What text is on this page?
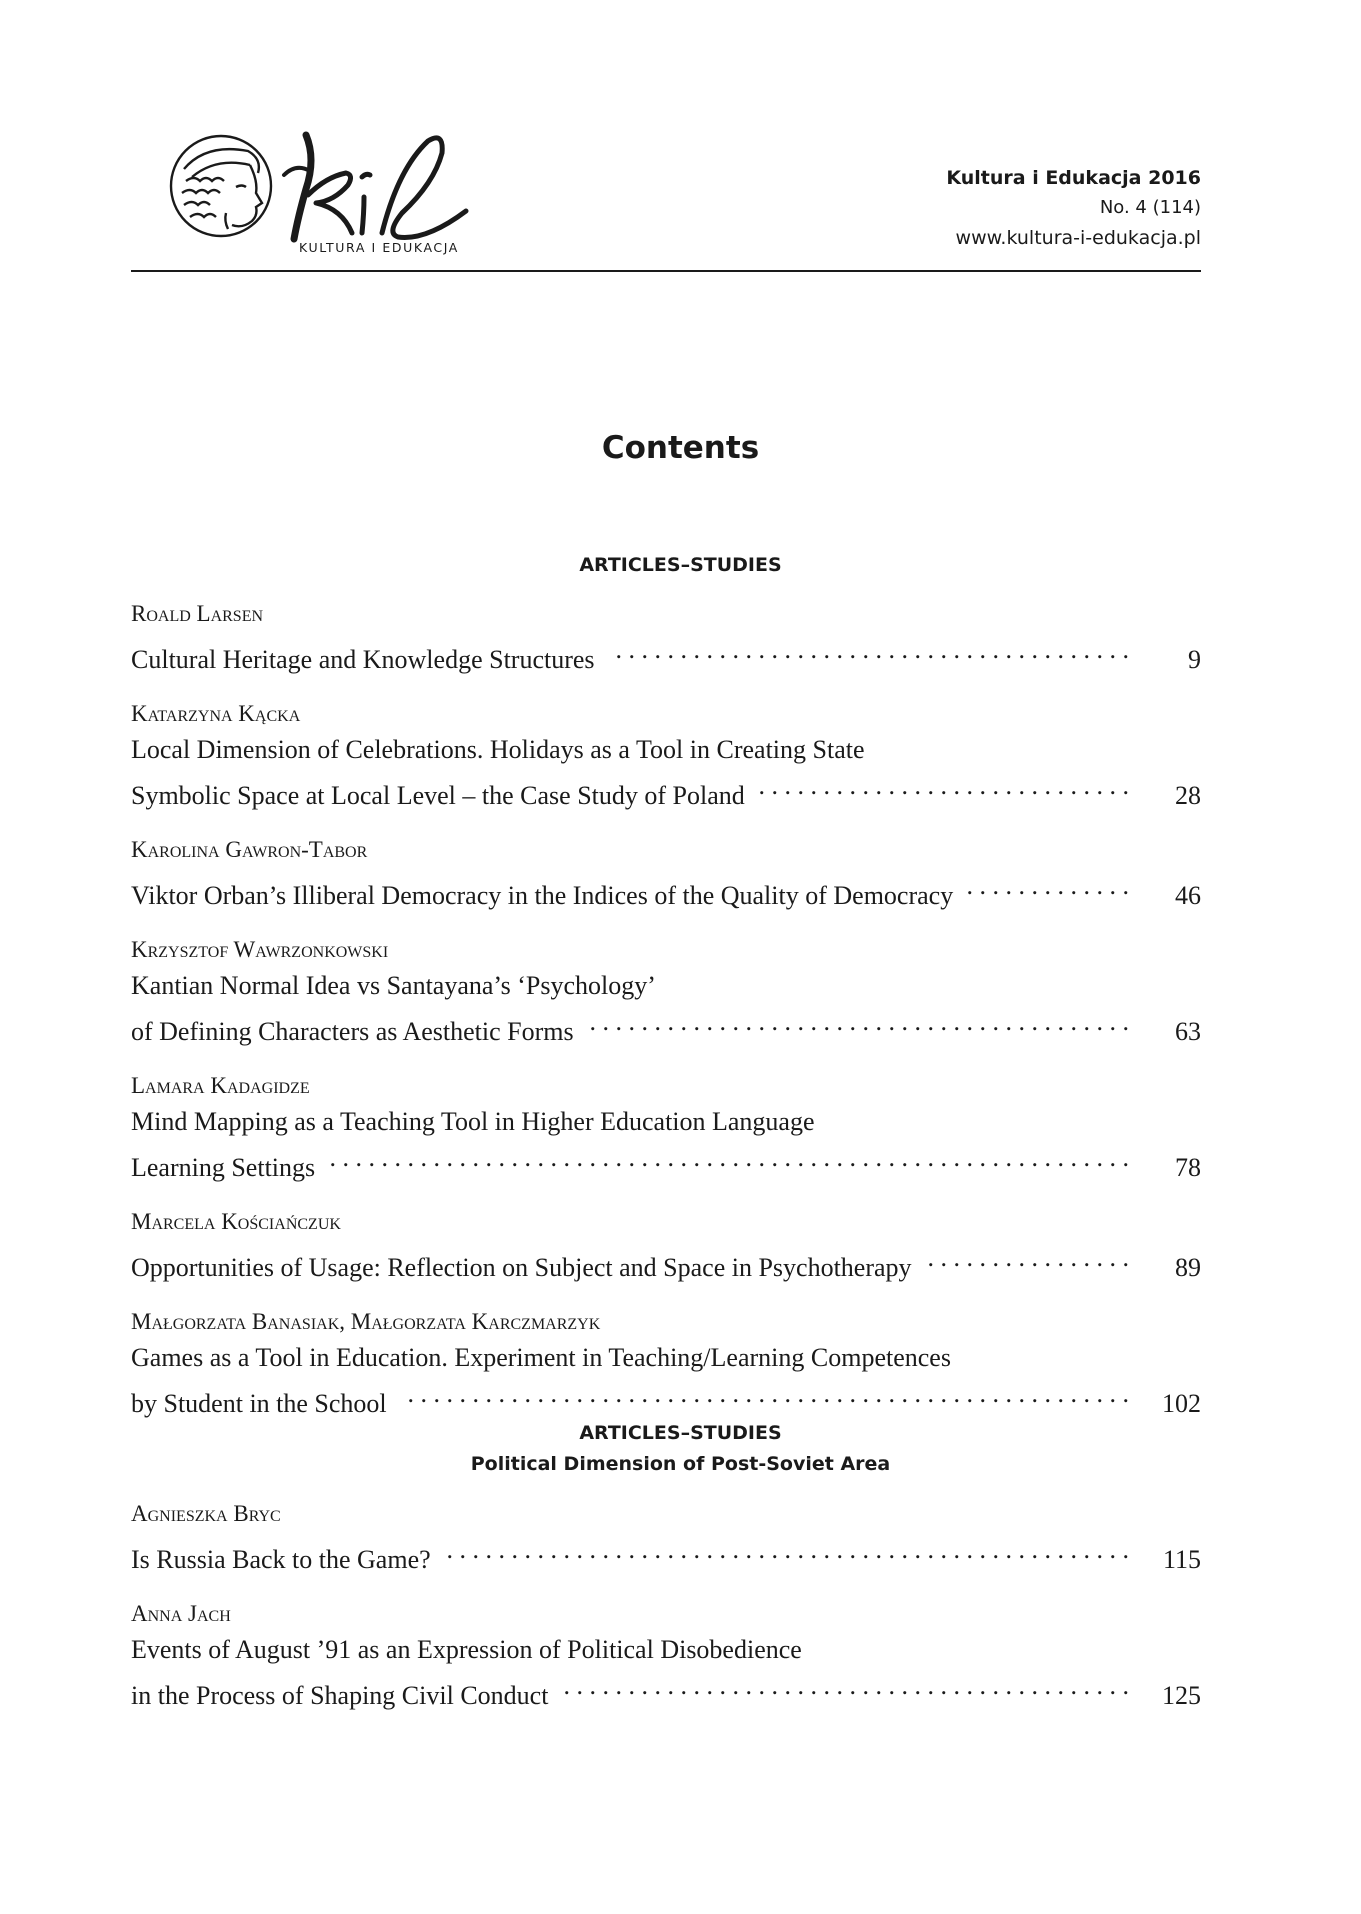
KULTURA I EDUKACJA
Kultura i Edukacja 2016
No. 4 (114)
www.kultura-i-edukacja.pl
Contents
ARTICLES–STUDIES
Roald Larsen
Cultural Heritage and Knowledge Structures . . .	9
Katarzyna Kącka
Local Dimension of Celebrations. Holidays as a Tool in Creating State
Symbolic Space at Local Level – the Case Study of Poland . . .	28
Karolina Gawron-Tabor
Viktor Orban’s Illiberal Democracy in the Indices of the Quality of Democracy . . .	46
Krzysztof Wawrzonkowski
Kantian Normal Idea vs Santayana’s ‘Psychology’
of Defining Characters as Aesthetic Forms . . .	63
Lamara Kadagidze
Mind Mapping as a Teaching Tool in Higher Education Language
Learning Settings . . .	78
Marcela Kościańczuk
Opportunities of Usage: Reflection on Subject and Space in Psychotherapy . . .	89
Małgorzata Banasiak, Małgorzata Karczmarzyk
Games as a Tool in Education. Experiment in Teaching/Learning Competences
by Student in the School . . .	102
ARTICLES–STUDIES
Political Dimension of Post-Soviet Area
Agnieszka Bryc
Is Russia Back to the Game? . . .	115
Anna Jach
Events of August ’91 as an Expression of Political Disobedience
in the Process of Shaping Civil Conduct . . .	125
